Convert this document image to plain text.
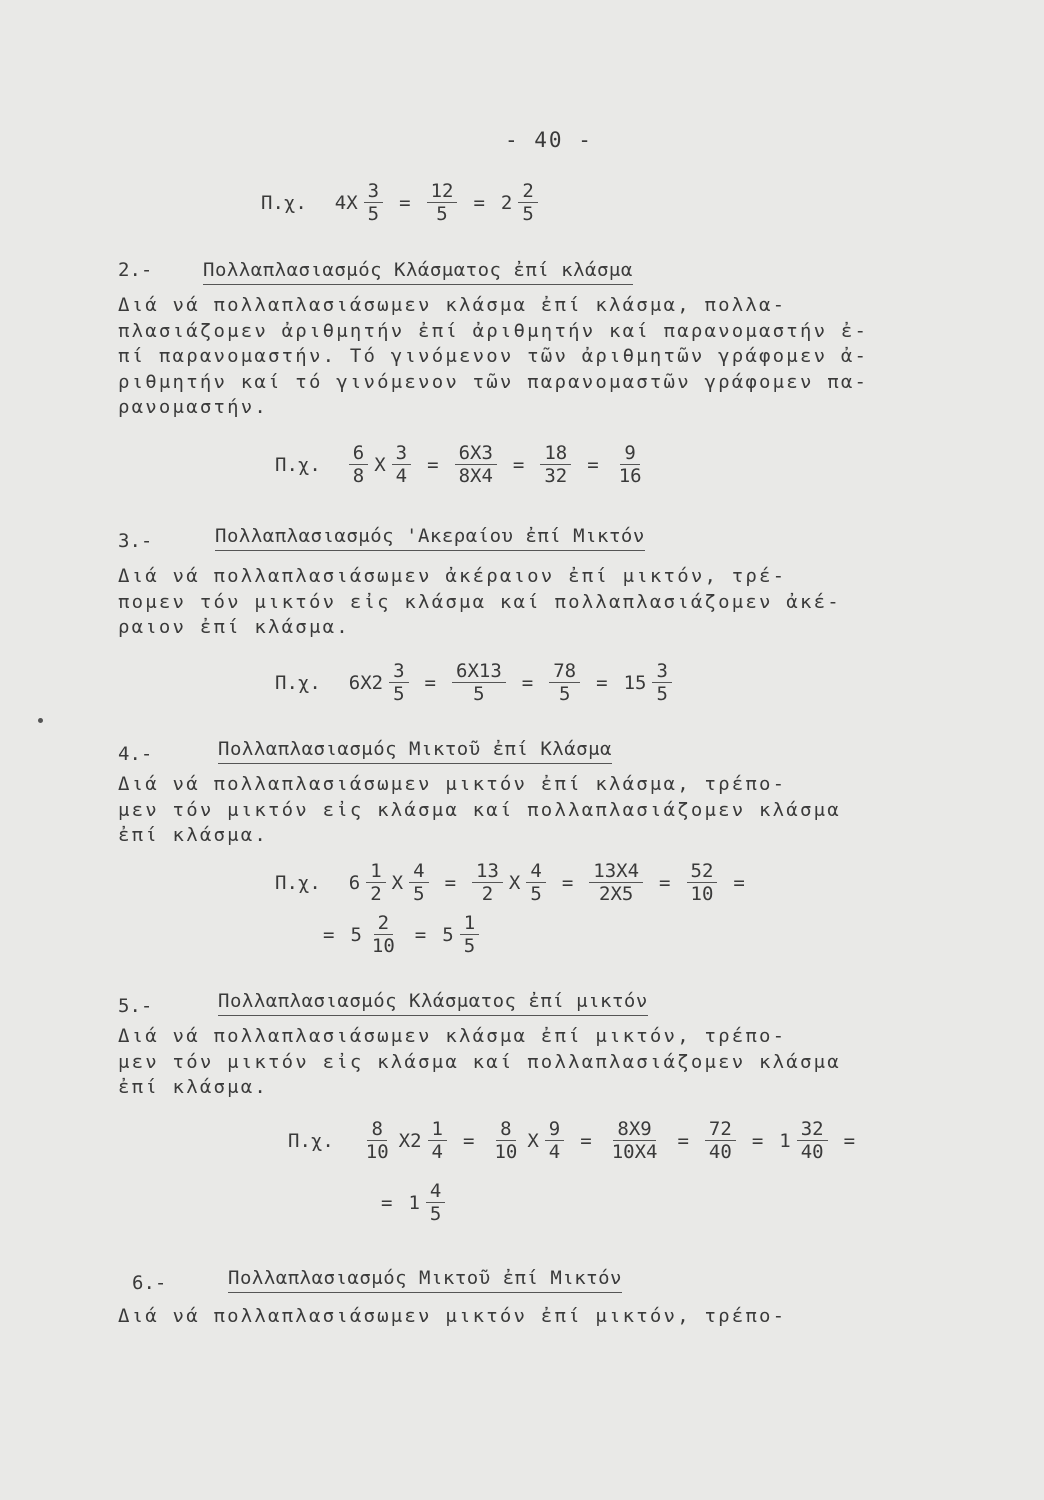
- 40 -
Π.χ. $4X \frac{3}{5} = \frac{12}{5} = 2 \frac{2}{5}$
2.-	Πολλαπλασιασμός Κλάσματος ἐπί κλάσμα
Διά νά πολλαπλασιάσωμεν κλάσμα ἐπί κλάσμα, πολλα-
πλασιάζομεν ἀριθμητήν ἐπί ἀριθμητήν καί παρανομαστήν ἐ-
πί παρανομαστήν. Τό γινόμενον τῶν ἀριθμητῶν γράφομεν ἀ-
ριθμητήν καί τό γινόμενον τῶν παρανομαστῶν γράφομεν πα-
ρανομαστήν.
Π.χ. $\frac{6}{8}$ X $\frac{3}{4} = \frac{6X3}{8X4} = \frac{18}{32} = \frac{9}{16}$
3.-	Πολλαπλασιασμός 'Ακεραίου ἐπί Μικτόν
Διά νά πολλαπλασιάσωμεν ἀκέραιον ἐπί μικτόν, τρέ-
πομεν τόν μικτόν εἰς κλάσμα καί πολλαπλασιάζομεν ἀκέ-
ραιον ἐπί κλάσμα.
Π.χ. $6X2 \frac{3}{5} = \frac{6X13}{5} = \frac{78}{5} = 15 \frac{3}{5}$
4.-	Πολλαπλασιασμός Μικτοῦ ἐπί Κλάσμα
Διά νά πολλαπλασιάσωμεν μικτόν ἐπί κλάσμα, τρέπο-
μεν τόν μικτόν εἰς κλάσμα καί πολλαπλασιάζομεν κλάσμα
ἐπί κλάσμα.
Π.χ. $6 \frac{1}{2}$ X $\frac{4}{5} = \frac{13}{2}$ X $\frac{4}{5} = \frac{13X4}{2X5} = \frac{52}{10}$ =
= $5 \frac{2}{10} = 5 \frac{1}{5}$
5.-	Πολλαπλασιασμός Κλάσματος ἐπί μικτόν
Διά νά πολλαπλασιάσωμεν κλάσμα ἐπί μικτόν, τρέπο-
μεν τόν μικτόν εἰς κλάσμα καί πολλαπλασιάζομεν κλάσμα
ἐπί κλάσμα.
Π.χ. $\frac{8}{10} X2 \frac{1}{4} = \frac{8}{10}$ X $\frac{9}{4} = \frac{8X9}{10X4} = \frac{72}{40} = 1 \frac{32}{40}$ =
= $1 \frac{4}{5}$
6.-	Πολλαπλασιασμός Μικτοῦ ἐπί Μικτόν
Διά νά πολλαπλασιάσωμεν μικτόν ἐπί μικτόν, τρέπο-
